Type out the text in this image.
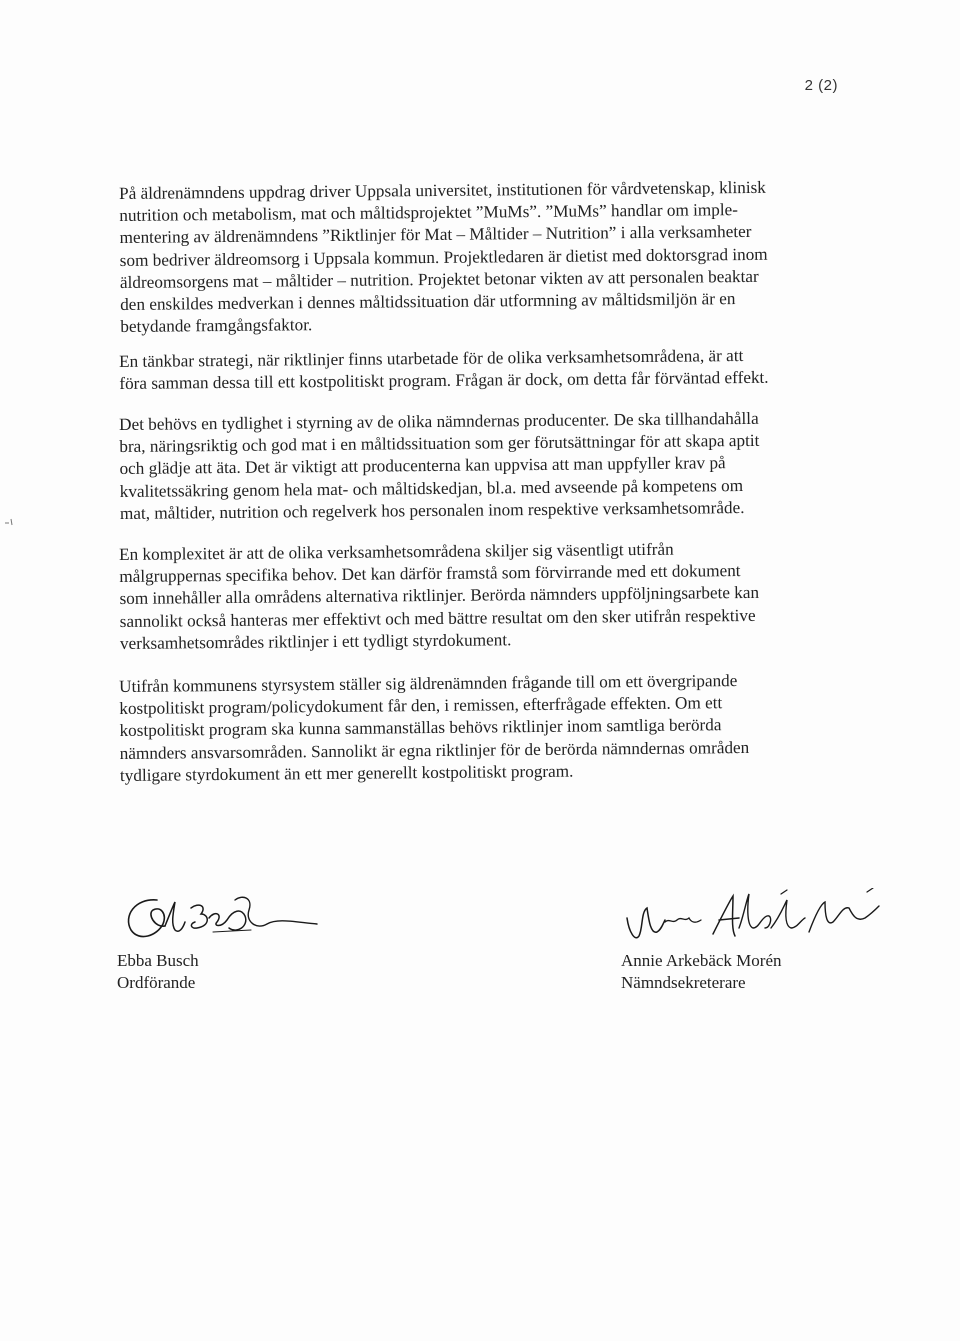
2 (2)

På äldrenämndens uppdrag driver Uppsala universitet, institutionen för vårdvetenskap, klinisk
nutrition och metabolism, mat och måltidsprojektet ”MuMs”. ”MuMs” handlar om imple-
mentering av äldrenämndens ”Riktlinjer för Mat – Måltider – Nutrition” i alla verksamheter
som bedriver äldreomsorg i Uppsala kommun. Projektledaren är dietist med doktorsgrad inom
äldreomsorgens mat – måltider – nutrition. Projektet betonar vikten av att personalen beaktar
den enskildes medverkan i dennes måltidssituation där utformning av måltidsmiljön är en
betydande framgångsfaktor.

En tänkbar strategi, när riktlinjer finns utarbetade för de olika verksamhetsområdena, är att
föra samman dessa till ett kostpolitiskt program. Frågan är dock, om detta får förväntad effekt.

Det behövs en tydlighet i styrning av de olika nämndernas producenter. De ska tillhandahålla
bra, näringsriktig och god mat i en måltidssituation som ger förutsättningar för att skapa aptit
och glädje att äta. Det är viktigt att producenterna kan uppvisa att man uppfyller krav på
kvalitetssäkring genom hela mat- och måltidskedjan, bl.a. med avseende på kompetens om
mat, måltider, nutrition och regelverk hos personalen inom respektive verksamhetsområde.

En komplexitet är att de olika verksamhetsområdena skiljer sig väsentligt utifrån
målgruppernas specifika behov. Det kan därför framstå som förvirrande med ett dokument
som innehåller alla områdens alternativa riktlinjer. Berörda nämnders uppföljningsarbete kan
sannolikt också hanteras mer effektivt och med bättre resultat om den sker utifrån respektive
verksamhetsområdes riktlinjer i ett tydligt styrdokument.

Utifrån kommunens styrsystem ställer sig äldrenämnden frågande till om ett övergripande
kostpolitiskt program/policydokument får den, i remissen, efterfrågade effekten. Om ett
kostpolitiskt program ska kunna sammanställas behövs riktlinjer inom samtliga berörda
nämnders ansvarsområden. Sannolikt är egna riktlinjer för de berörda nämndernas områden
tydligare styrdokument än ett mer generellt kostpolitiskt program.

Ebba Busch
Ordförande
Annie Arkebäck Morén
Nämndsekreterare
